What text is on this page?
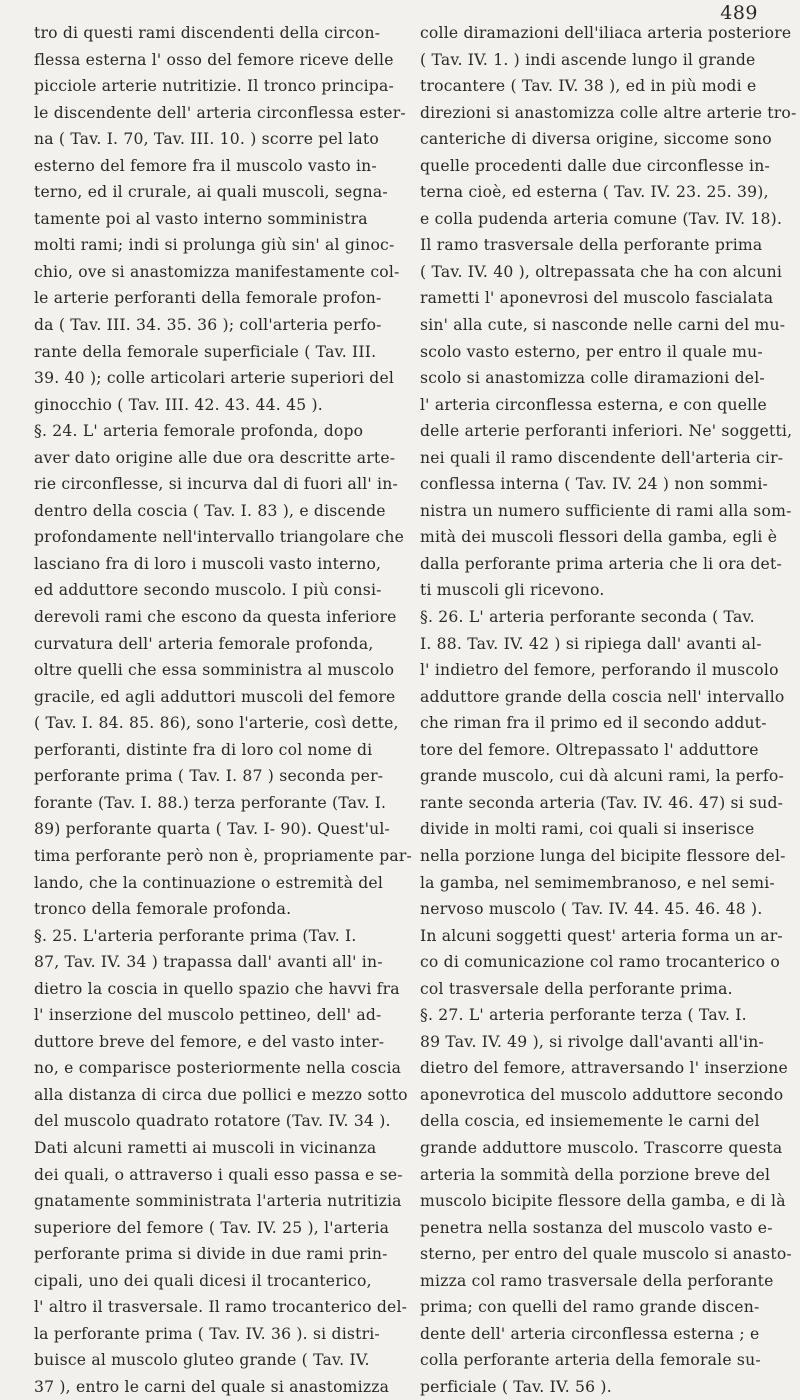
489
tro di questi rami discendenti della circon-
flessa esterna l' osso del femore riceve delle
picciole arterie nutritizie. Il tronco principa-
le discendente dell' arteria circonflessa ester-
na ( Tav. I. 70, Tav. III. 10. ) scorre pel lato
esterno del femore fra il muscolo vasto in-
terno, ed il crurale, ai quali muscoli, segna-
tamente poi al vasto interno somministra
molti rami; indi si prolunga giù sin' al ginoc-
chio, ove si anastomizza manifestamente col-
le arterie perforanti della femorale profon-
da ( Tav. III. 34. 35. 36 ); coll'arteria perfo-
rante della femorale superficiale ( Tav. III.
39. 40 ); colle articolari arterie superiori del
ginocchio ( Tav. III. 42. 43. 44. 45 ).
§. 24. L' arteria femorale profonda, dopo
aver dato origine alle due ora descritte arte-
rie circonflesse, si incurva dal di fuori all' in-
dentro della coscia ( Tav. I. 83 ), e discende
profondamente nell'intervallo triangolare che
lasciano fra di loro i muscoli vasto interno,
ed adduttore secondo muscolo. I più consi-
derevoli rami che escono da questa inferiore
curvatura dell' arteria femorale profonda,
oltre quelli che essa somministra al muscolo
gracile, ed agli adduttori muscoli del femore
( Tav. I. 84. 85. 86), sono l'arterie, così dette,
perforanti, distinte fra di loro col nome di
perforante prima ( Tav. I. 87 ) seconda per-
forante (Tav. I. 88.) terza perforante (Tav. I.
89) perforante quarta ( Tav. I- 90). Quest'ul-
tima perforante però non è, propriamente par-
lando, che la continuazione o estremità del
tronco della femorale profonda.
§. 25. L'arteria perforante prima (Tav. I.
87, Tav. IV. 34 ) trapassa dall' avanti all' in-
dietro la coscia in quello spazio che havvi fra
l' inserzione del muscolo pettineo, dell' ad-
duttore breve del femore, e del vasto inter-
no, e comparisce posteriormente nella coscia
alla distanza di circa due pollici e mezzo sotto
del muscolo quadrato rotatore (Tav. IV. 34 ).
Dati alcuni rametti ai muscoli in vicinanza
dei quali, o attraverso i quali esso passa e se-
gnatamente somministrata l'arteria nutritizia
superiore del femore ( Tav. IV. 25 ), l'arteria
perforante prima si divide in due rami prin-
cipali, uno dei quali dicesi il trocanterico,
l' altro il trasversale. Il ramo trocanterico del-
la perforante prima ( Tav. IV. 36 ). si distri-
buisce al muscolo gluteo grande ( Tav. IV.
37 ), entro le carni del quale si anastomizza
colle diramazioni dell'iliaca arteria posteriore
( Tav. IV. 1. ) indi ascende lungo il grande
trocantere ( Tav. IV. 38 ), ed in più modi e
direzioni si anastomizza colle altre arterie tro-
canteriche di diversa origine, siccome sono
quelle procedenti dalle due circonflesse in-
terna cioè, ed esterna ( Tav. IV. 23. 25. 39),
e colla pudenda arteria comune (Tav. IV. 18).
Il ramo trasversale della perforante prima
( Tav. IV. 40 ), oltrepassata che ha con alcuni
rametti l' aponevrosi del muscolo fascialata
sin' alla cute, si nasconde nelle carni del mu-
scolo vasto esterno, per entro il quale mu-
scolo si anastomizza colle diramazioni del-
l' arteria circonflessa esterna, e con quelle
delle arterie perforanti inferiori. Ne' soggetti,
nei quali il ramo discendente dell'arteria cir-
conflessa interna ( Tav. IV. 24 ) non sommi-
nistra un numero sufficiente di rami alla som-
mità dei muscoli flessori della gamba, egli è
dalla perforante prima arteria che li ora det-
ti muscoli gli ricevono.
§. 26. L' arteria perforante seconda ( Tav.
I. 88. Tav. IV. 42 ) si ripiega dall' avanti al-
l' indietro del femore, perforando il muscolo
adduttore grande della coscia nell' intervallo
che riman fra il primo ed il secondo addut-
tore del femore. Oltrepassato l' adduttore
grande muscolo, cui dà alcuni rami, la perfo-
rante seconda arteria (Tav. IV. 46. 47) si sud-
divide in molti rami, coi quali si inserisce
nella porzione lunga del bicipite flessore del-
la gamba, nel semimembranoso, e nel semi-
nervoso muscolo ( Tav. IV. 44. 45. 46. 48 ).
In alcuni soggetti quest' arteria forma un ar-
co di comunicazione col ramo trocanterico o
col trasversale della perforante prima.
§. 27. L' arteria perforante terza ( Tav. I.
89 Tav. IV. 49 ), si rivolge dall'avanti all'in-
dietro del femore, attraversando l' inserzione
aponevrotica del muscolo adduttore secondo
della coscia, ed insiememente le carni del
grande adduttore muscolo. Trascorre questa
arteria la sommità della porzione breve del
muscolo bicipite flessore della gamba, e di là
penetra nella sostanza del muscolo vasto e-
sterno, per entro del quale muscolo si anasto-
mizza col ramo trasversale della perforante
prima; con quelli del ramo grande discen-
dente dell' arteria circonflessa esterna ; e
colla perforante arteria della femorale su-
perficiale ( Tav. IV. 56 ).
